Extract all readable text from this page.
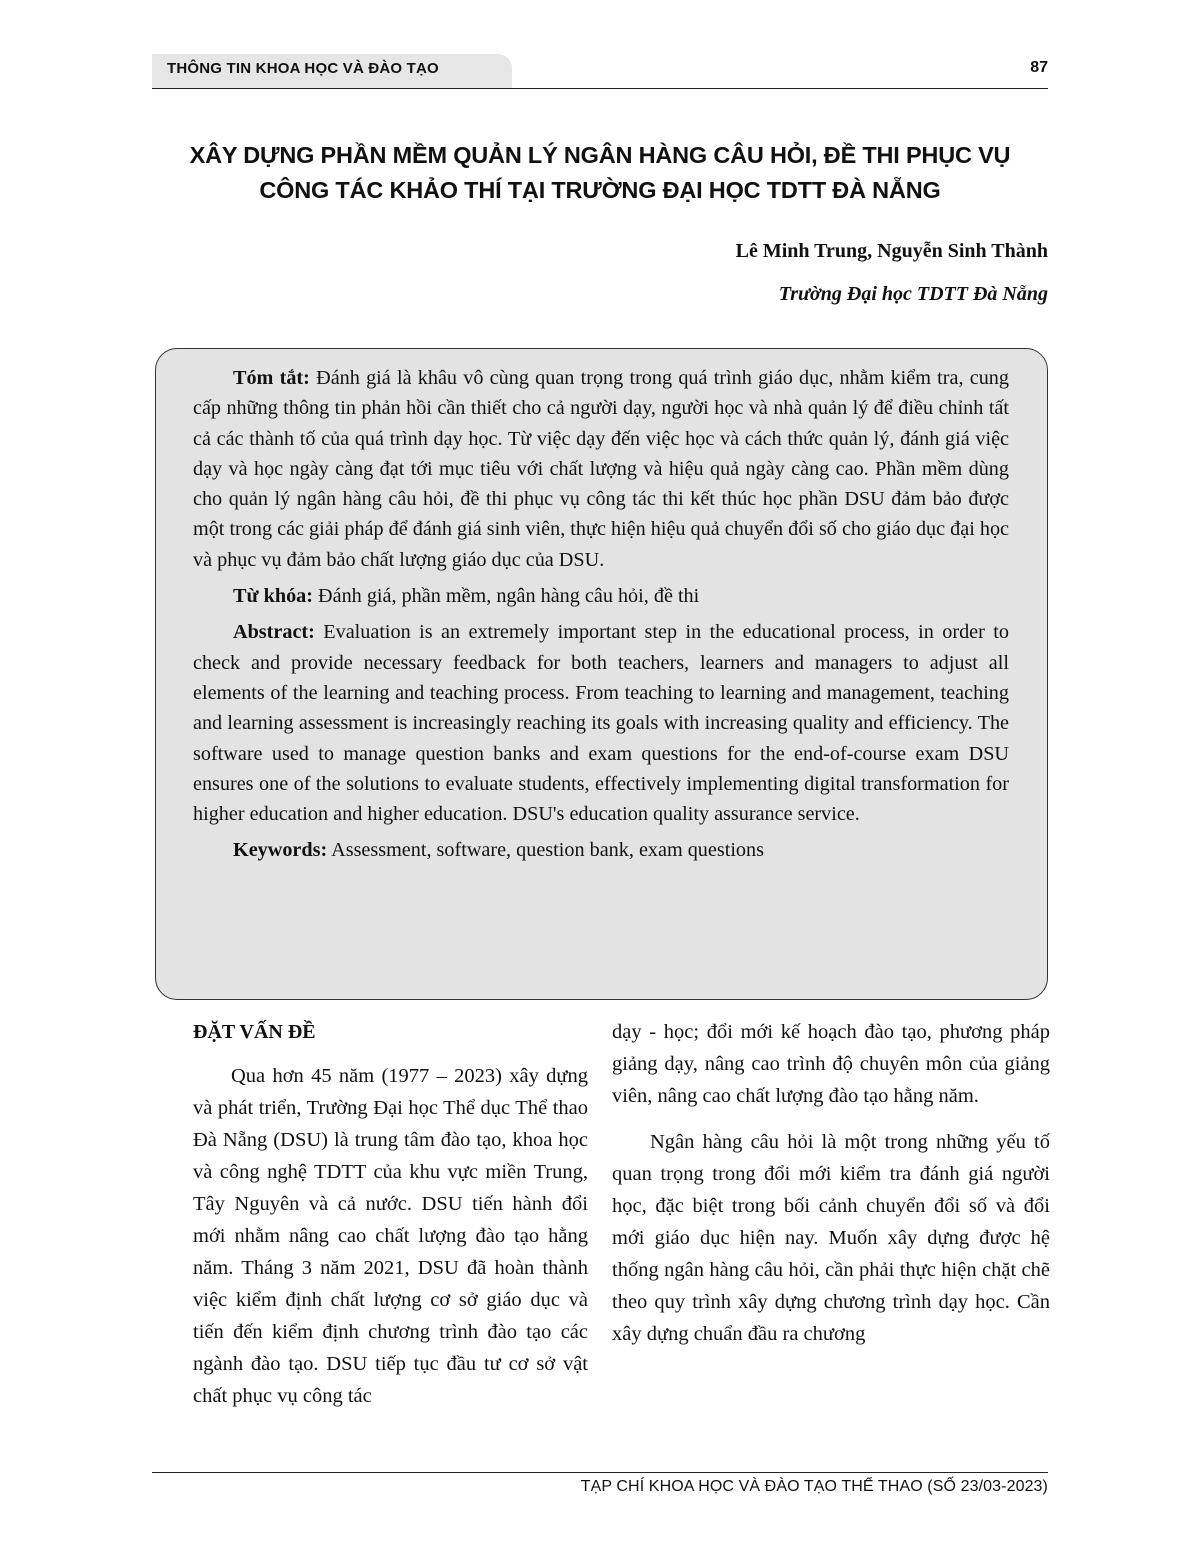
THÔNG TIN KHOA HỌC VÀ ĐÀO TẠO	87
XÂY DỰNG PHẦN MỀM QUẢN LÝ NGÂN HÀNG CÂU HỎI, ĐỀ THI PHỤC VỤ
CÔNG TÁC KHẢO THÍ TẠI TRƯỜNG ĐẠI HỌC TDTT ĐÀ NẴNG
Lê Minh Trung, Nguyễn Sinh Thành
Trường Đại học TDTT Đà Nẵng

Tóm tắt: Đánh giá là khâu vô cùng quan trọng trong quá trình giáo dục, nhằm kiểm tra, cung cấp những thông tin phản hồi cần thiết cho cả người dạy, người học và nhà quản lý để điều chỉnh tất cả các thành tố của quá trình dạy học. Từ việc dạy đến việc học và cách thức quản lý, đánh giá việc dạy và học ngày càng đạt tới mục tiêu với chất lượng và hiệu quả ngày càng cao. Phần mềm dùng cho quản lý ngân hàng câu hỏi, đề thi phục vụ công tác thi kết thúc học phần DSU đảm bảo được một trong các giải pháp để đánh giá sinh viên, thực hiện hiệu quả chuyển đổi số cho giáo dục đại học và phục vụ đảm bảo chất lượng giáo dục của DSU.

Từ khóa: Đánh giá, phần mềm, ngân hàng câu hỏi, đề thi

Abstract: Evaluation is an extremely important step in the educational process, in order to check and provide necessary feedback for both teachers, learners and managers to adjust all elements of the learning and teaching process. From teaching to learning and management, teaching and learning assessment is increasingly reaching its goals with increasing quality and efficiency. The software used to manage question banks and exam questions for the end-of-course exam DSU ensures one of the solutions to evaluate students, effectively implementing digital transformation for higher education and higher education. DSU's education quality assurance service.

Keywords: Assessment, software, question bank, exam questions

ĐẶT VẤN ĐỀ

Qua hơn 45 năm (1977 – 2023) xây dựng và phát triển, Trường Đại học Thể dục Thể thao Đà Nẵng (DSU) là trung tâm đào tạo, khoa học và công nghệ TDTT của khu vực miền Trung, Tây Nguyên và cả nước. DSU tiến hành đổi mới nhằm nâng cao chất lượng đào tạo hằng năm. Tháng 3 năm 2021, DSU đã hoàn thành việc kiểm định chất lượng cơ sở giáo dục và tiến đến kiểm định chương trình đào tạo các ngành đào tạo. DSU tiếp tục đầu tư cơ sở vật chất phục vụ công tác

dạy - học; đổi mới kế hoạch đào tạo, phương pháp giảng dạy, nâng cao trình độ chuyên môn của giảng viên, nâng cao chất lượng đào tạo hằng năm.

Ngân hàng câu hỏi là một trong những yếu tố quan trọng trong đổi mới kiểm tra đánh giá người học, đặc biệt trong bối cảnh chuyển đổi số và đổi mới giáo dục hiện nay. Muốn xây dựng được hệ thống ngân hàng câu hỏi, cần phải thực hiện chặt chẽ theo quy trình xây dựng chương trình dạy học. Cần xây dựng chuẩn đầu ra chương

TẠP CHÍ KHOA HỌC VÀ ĐÀO TẠO THỂ THAO (SỐ 23/03-2023)
